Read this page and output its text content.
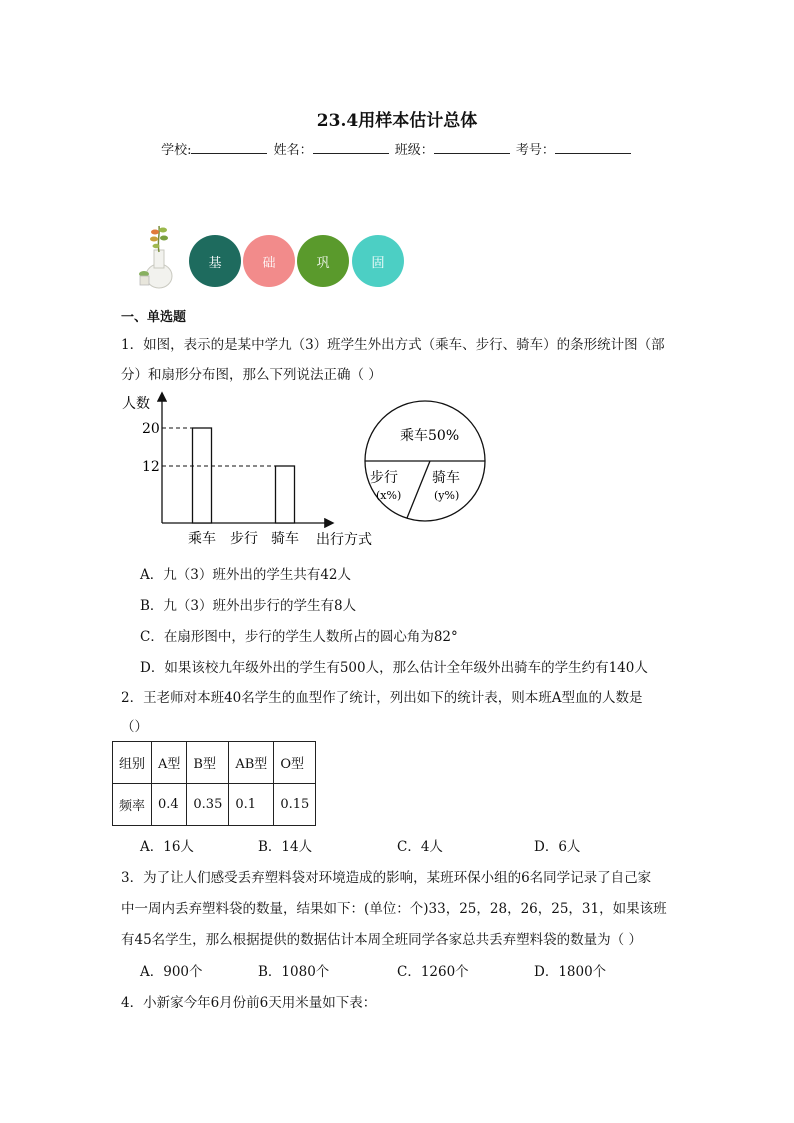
23.4用样本估计总体
学校:	姓名：	班级：	考号：
基	础	巩	固
一、单选题
1．如图，表示的是某中学九（3）班学生外出方式（乘车、步行、骑车）的条形统计图（部
分）和扇形分布图，那么下列说法正确（ ）
人数
出行方式
乘车
20
步行 骑车
12
乘车50%
步行
(x%)
骑车
(y%)
A．九（3）班外出的学生共有42人
B．九（3）班外出步行的学生有8人
C．在扇形图中，步行的学生人数所占的圆心角为82°
D．如果该校九年级外出的学生有500人，那么估计全年级外出骑车的学生约有140人
2．王老师对本班40名学生的血型作了统计，列出如下的统计表，则本班A型血的人数是
（）
组别	A型	B型	AB型	O型
频率	0.4	0.35	0.1	0.15
A．16人	B．14人	C．4人	D．6人
3．为了让人们感受丢弃塑料袋对环境造成的影响，某班环保小组的6名同学记录了自己家
中一周内丢弃塑料袋的数量，结果如下：(单位：个)33，25，28，26，25，31，如果该班
有45名学生，那么根据提供的数据估计本周全班同学各家总共丢弃塑料袋的数量为（ ）
A．900个	B．1080个	C．1260个	D．1800个
4．小新家今年6月份前6天用米量如下表：
